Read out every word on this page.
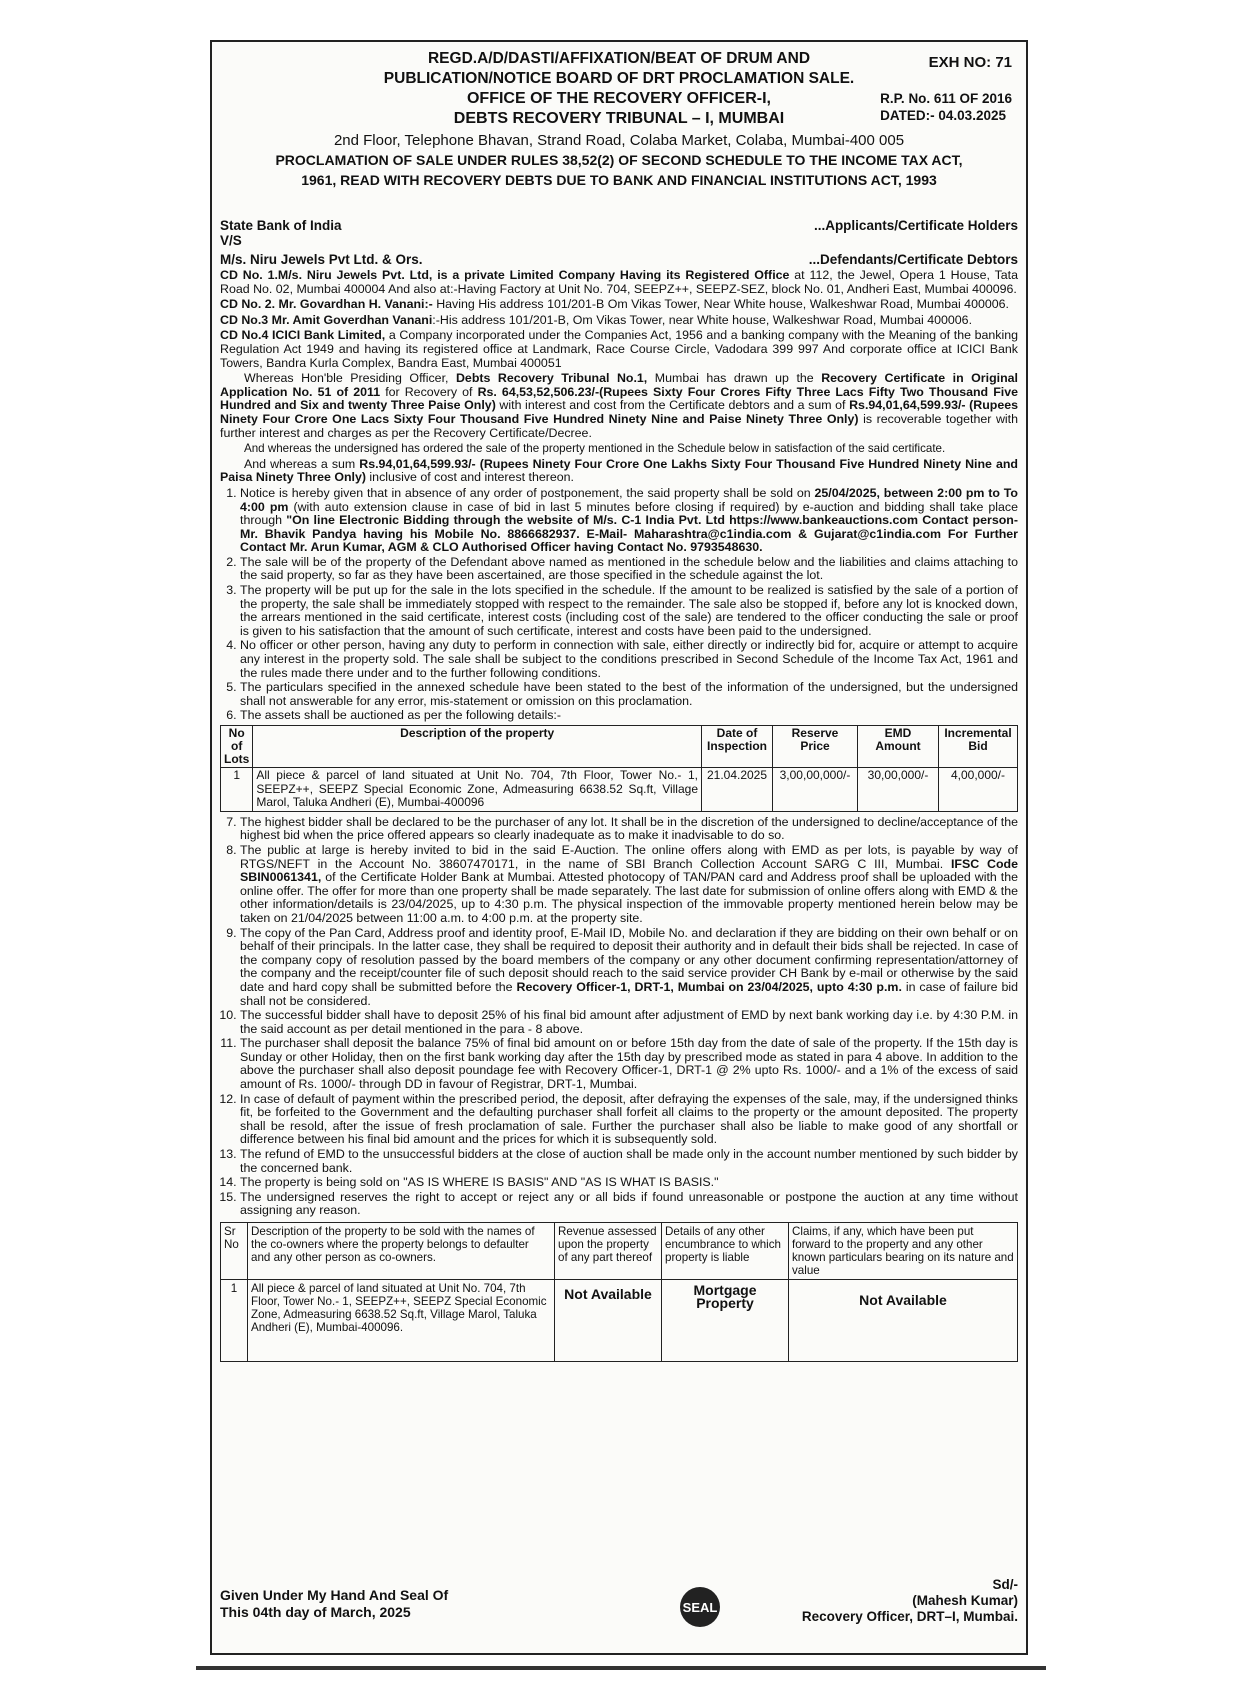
REGD.A/D/DASTI/AFFIXATION/BEAT OF DRUM AND
PUBLICATION/NOTICE BOARD OF DRT PROCLAMATION SALE.
OFFICE OF THE RECOVERY OFFICER-I,
DEBTS RECOVERY TRIBUNAL – I, MUMBAI
2nd Floor, Telephone Bhavan, Strand Road, Colaba Market, Colaba, Mumbai-400 005
PROCLAMATION OF SALE UNDER RULES 38,52(2) OF SECOND SCHEDULE TO THE INCOME TAX ACT,
1961, READ WITH RECOVERY DEBTS DUE TO BANK AND FINANCIAL INSTITUTIONS ACT, 1993
EXH NO: 71
R.P. No. 611 OF 2016
DATED:- 04.03.2025
State Bank of India	...Applicants/Certificate Holders
V/S
M/s. Niru Jewels Pvt Ltd. & Ors.	...Defendants/Certificate Debtors

CD No. 1.M/s. Niru Jewels Pvt. Ltd, is a private Limited Company Having its Registered Office at 112, the Jewel, Opera 1 House, Tata Road No. 02, Mumbai 400004 And also at:-Having Factory at Unit No. 704, SEEPZ++, SEEPZ-SEZ, block No. 01, Andheri East, Mumbai 400096.

CD No. 2. Mr. Govardhan H. Vanani:- Having His address 101/201-B Om Vikas Tower, Near White house, Walkeshwar Road, Mumbai 400006.

CD No.3 Mr. Amit Goverdhan Vanani:-His address 101/201-B, Om Vikas Tower, near White house, Walkeshwar Road, Mumbai 400006.

CD No.4 ICICI Bank Limited, a Company incorporated under the Companies Act, 1956 and a banking company with the Meaning of the banking Regulation Act 1949 and having its registered office at Landmark, Race Course Circle, Vadodara 399 997 And corporate office at ICICI Bank Towers, Bandra Kurla Complex, Bandra East, Mumbai 400051

Whereas Hon'ble Presiding Officer, Debts Recovery Tribunal No.1, Mumbai has drawn up the Recovery Certificate in Original Application No. 51 of 2011 for Recovery of Rs. 64,53,52,506.23/-(Rupees Sixty Four Crores Fifty Three Lacs Fifty Two Thousand Five Hundred and Six and twenty Three Paise Only) with interest and cost from the Certificate debtors and a sum of Rs.94,01,64,599.93/- (Rupees Ninety Four Crore One Lacs Sixty Four Thousand Five Hundred Ninety Nine and Paise Ninety Three Only) is recoverable together with further interest and charges as per the Recovery Certificate/Decree.

And whereas the undersigned has ordered the sale of the property mentioned in the Schedule below in satisfaction of the said certificate.

And whereas a sum Rs.94,01,64,599.93/- (Rupees Ninety Four Crore One Lakhs Sixty Four Thousand Five Hundred Ninety Nine and Paisa Ninety Three Only) inclusive of cost and interest thereon.

1. Notice is hereby given that in absence of any order of postponement, the said property shall be sold on 25/04/2025, between 2:00 pm to To 4:00 pm (with auto extension clause in case of bid in last 5 minutes before closing if required) by e-auction and bidding shall take place through "On line Electronic Bidding through the website of M/s. C-1 India Pvt. Ltd https://www.bankeauctions.com Contact person- Mr. Bhavik Pandya having his Mobile No. 8866682937. E-Mail- Maharashtra@c1india.com & Gujarat@c1india.com For Further Contact Mr. Arun Kumar, AGM & CLO Authorised Officer having Contact No. 9793548630.
2. The sale will be of the property of the Defendant above named as mentioned in the schedule below and the liabilities and claims attaching to the said property, so far as they have been ascertained, are those specified in the schedule against the lot.
3. The property will be put up for the sale in the lots specified in the schedule. If the amount to be realized is satisfied by the sale of a portion of the property, the sale shall be immediately stopped with respect to the remainder. The sale also be stopped if, before any lot is knocked down, the arrears mentioned in the said certificate, interest costs (including cost of the sale) are tendered to the officer conducting the sale or proof is given to his satisfaction that the amount of such certificate, interest and costs have been paid to the undersigned.
4. No officer or other person, having any duty to perform in connection with sale, either directly or indirectly bid for, acquire or attempt to acquire any interest in the property sold. The sale shall be subject to the conditions prescribed in Second Schedule of the Income Tax Act, 1961 and the rules made there under and to the further following conditions.
5. The particulars specified in the annexed schedule have been stated to the best of the information of the undersigned, but the undersigned shall not answerable for any error, mis-statement or omission on this proclamation.
6. The assets shall be auctioned as per the following details:-
No of Lots	Description of the property	Date of Inspection	Reserve Price	EMD Amount	Incremental Bid
1	All piece & parcel of land situated at Unit No. 704, 7th Floor, Tower No.- 1, SEEPZ++, SEEPZ Special Economic Zone, Admeasuring 6638.52 Sq.ft, Village Marol, Taluka Andheri (E), Mumbai-400096	21.04.2025	3,00,00,000/-	30,00,000/-	4,00,000/-
7. The highest bidder shall be declared to be the purchaser of any lot. It shall be in the discretion of the undersigned to decline/acceptance of the highest bid when the price offered appears so clearly inadequate as to make it inadvisable to do so.
8. The public at large is hereby invited to bid in the said E-Auction. The online offers along with EMD as per lots, is payable by way of RTGS/NEFT in the Account No. 38607470171, in the name of SBI Branch Collection Account SARG C III, Mumbai. IFSC Code SBIN0061341, of the Certificate Holder Bank at Mumbai. Attested photocopy of TAN/PAN card and Address proof shall be uploaded with the online offer. The offer for more than one property shall be made separately. The last date for submission of online offers along with EMD & the other information/details is 23/04/2025, up to 4:30 p.m. The physical inspection of the immovable property mentioned herein below may be taken on 21/04/2025 between 11:00 a.m. to 4:00 p.m. at the property site.
9. The copy of the Pan Card, Address proof and identity proof, E-Mail ID, Mobile No. and declaration if they are bidding on their own behalf or on behalf of their principals. In the latter case, they shall be required to deposit their authority and in default their bids shall be rejected. In case of the company copy of resolution passed by the board members of the company or any other document confirming representation/attorney of the company and the receipt/counter file of such deposit should reach to the said service provider CH Bank by e-mail or otherwise by the said date and hard copy shall be submitted before the Recovery Officer-1, DRT-1, Mumbai on 23/04/2025, upto 4:30 p.m. in case of failure bid shall not be considered.
10. The successful bidder shall have to deposit 25% of his final bid amount after adjustment of EMD by next bank working day i.e. by 4:30 P.M. in the said account as per detail mentioned in the para - 8 above.
11. The purchaser shall deposit the balance 75% of final bid amount on or before 15th day from the date of sale of the property. If the 15th day is Sunday or other Holiday, then on the first bank working day after the 15th day by prescribed mode as stated in para 4 above. In addition to the above the purchaser shall also deposit poundage fee with Recovery Officer-1, DRT-1 @ 2% upto Rs. 1000/- and a 1% of the excess of said amount of Rs. 1000/- through DD in favour of Registrar, DRT-1, Mumbai.
12. In case of default of payment within the prescribed period, the deposit, after defraying the expenses of the sale, may, if the undersigned thinks fit, be forfeited to the Government and the defaulting purchaser shall forfeit all claims to the property or the amount deposited. The property shall be resold, after the issue of fresh proclamation of sale. Further the purchaser shall also be liable to make good of any shortfall or difference between his final bid amount and the prices for which it is subsequently sold.
13. The refund of EMD to the unsuccessful bidders at the close of auction shall be made only in the account number mentioned by such bidder by the concerned bank.
14. The property is being sold on "AS IS WHERE IS BASIS" AND "AS IS WHAT IS BASIS."
15. The undersigned reserves the right to accept or reject any or all bids if found unreasonable or postpone the auction at any time without assigning any reason.
Sr No	Description of the property to be sold with the names of the co-owners where the property belongs to defaulter and any other person as co-owners.	Revenue assessed upon the property of any part thereof	Details of any other encumbrance to which property is liable	Claims, if any, which have been put forward to the property and any other known particulars bearing on its nature and value
1	All piece & parcel of land situated at Unit No. 704, 7th Floor, Tower No.- 1, SEEPZ++, SEEPZ Special Economic Zone, Admeasuring 6638.52 Sq.ft, Village Marol, Taluka Andheri (E), Mumbai-400096.	Not Available	Mortgage Property	Not Available
Given Under My Hand And Seal Of
This 04th day of March, 2025	SEAL
Sd/-
(Mahesh Kumar)
Recovery Officer, DRT–I, Mumbai.
